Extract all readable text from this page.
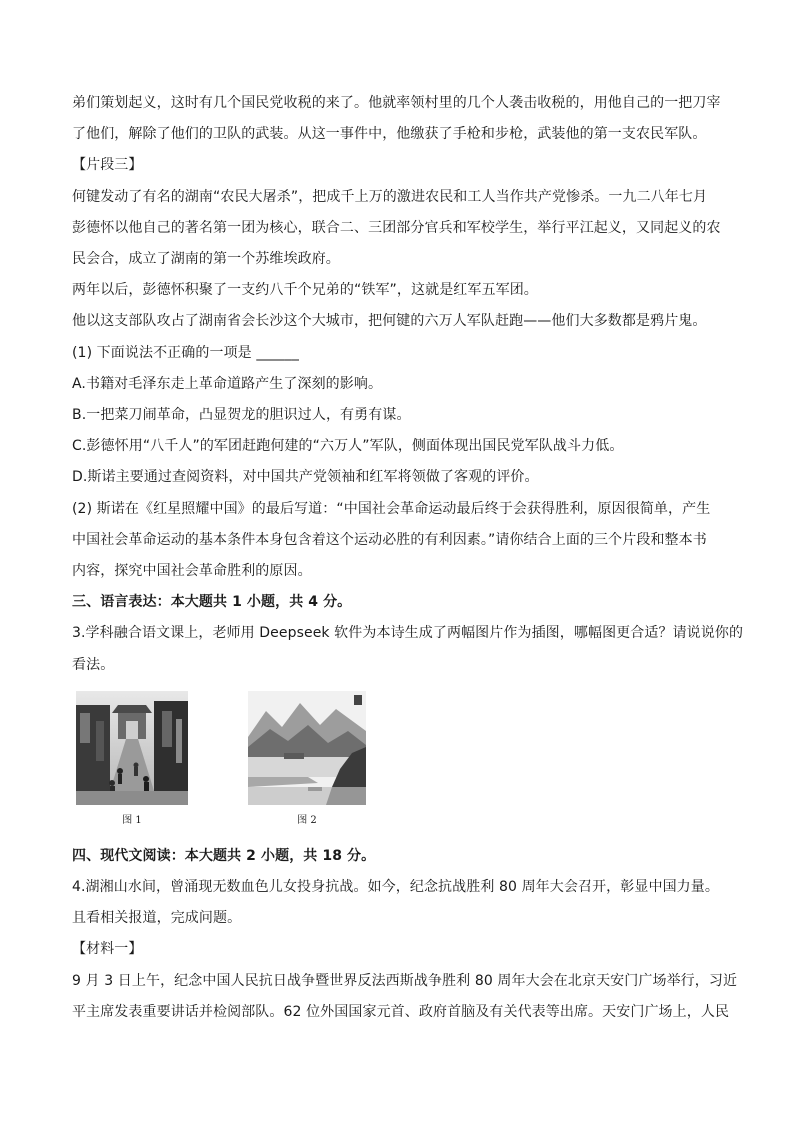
弟们策划起义，这时有几个国民党收税的来了。他就率领村里的几个人袭击收税的，用他自己的一把刀宰

了他们，解除了他们的卫队的武装。从这一事件中，他缴获了手枪和步枪，武装他的第一支农民军队。

【片段三】

何键发动了有名的湖南“农民大屠杀”，把成千上万的激进农民和工人当作共产党惨杀。一九二八年七月

彭德怀以他自己的著名第一团为核心，联合二、三团部分官兵和军校学生，举行平江起义，又同起义的农

民会合，成立了湖南的第一个苏维埃政府。

两年以后，彭德怀积聚了一支约八千个兄弟的“铁军”，这就是红军五军团。

他以这支部队攻占了湖南省会长沙这个大城市，把何键的六万人军队赶跑——他们大多数都是鸦片鬼。

(1) 下面说法不正确的一项是 ______

A.书籍对毛泽东走上革命道路产生了深刻的影响。

B.一把菜刀闹革命，凸显贺龙的胆识过人，有勇有谋。

C.彭德怀用“八千人”的军团赶跑何建的“六万人”军队，侧面体现出国民党军队战斗力低。

D.斯诺主要通过查阅资料，对中国共产党领袖和红军将领做了客观的评价。

(2) 斯诺在《红星照耀中国》的最后写道：“中国社会革命运动最后终于会获得胜利，原因很简单，产生

中国社会革命运动的基本条件本身包含着这个运动必胜的有利因素。”请你结合上面的三个片段和整本书

内容，探究中国社会革命胜利的原因。

三、语言表达：本大题共 1 小题，共 4 分。

3.学科融合语文课上，老师用 Deepseek 软件为本诗生成了两幅图片作为插图，哪幅图更合适？请说说你的

看法。

图 1	图 2

四、现代文阅读：本大题共 2 小题，共 18 分。

4.湖湘山水间，曾涌现无数血色儿女投身抗战。如今，纪念抗战胜利 80 周年大会召开，彰显中国力量。

且看相关报道，完成问题。

【材料一】

9 月 3 日上午，纪念中国人民抗日战争暨世界反法西斯战争胜利 80 周年大会在北京天安门广场举行，习近

平主席发表重要讲话并检阅部队。62 位外国国家元首、政府首脑及有关代表等出席。天安门广场上，人民
